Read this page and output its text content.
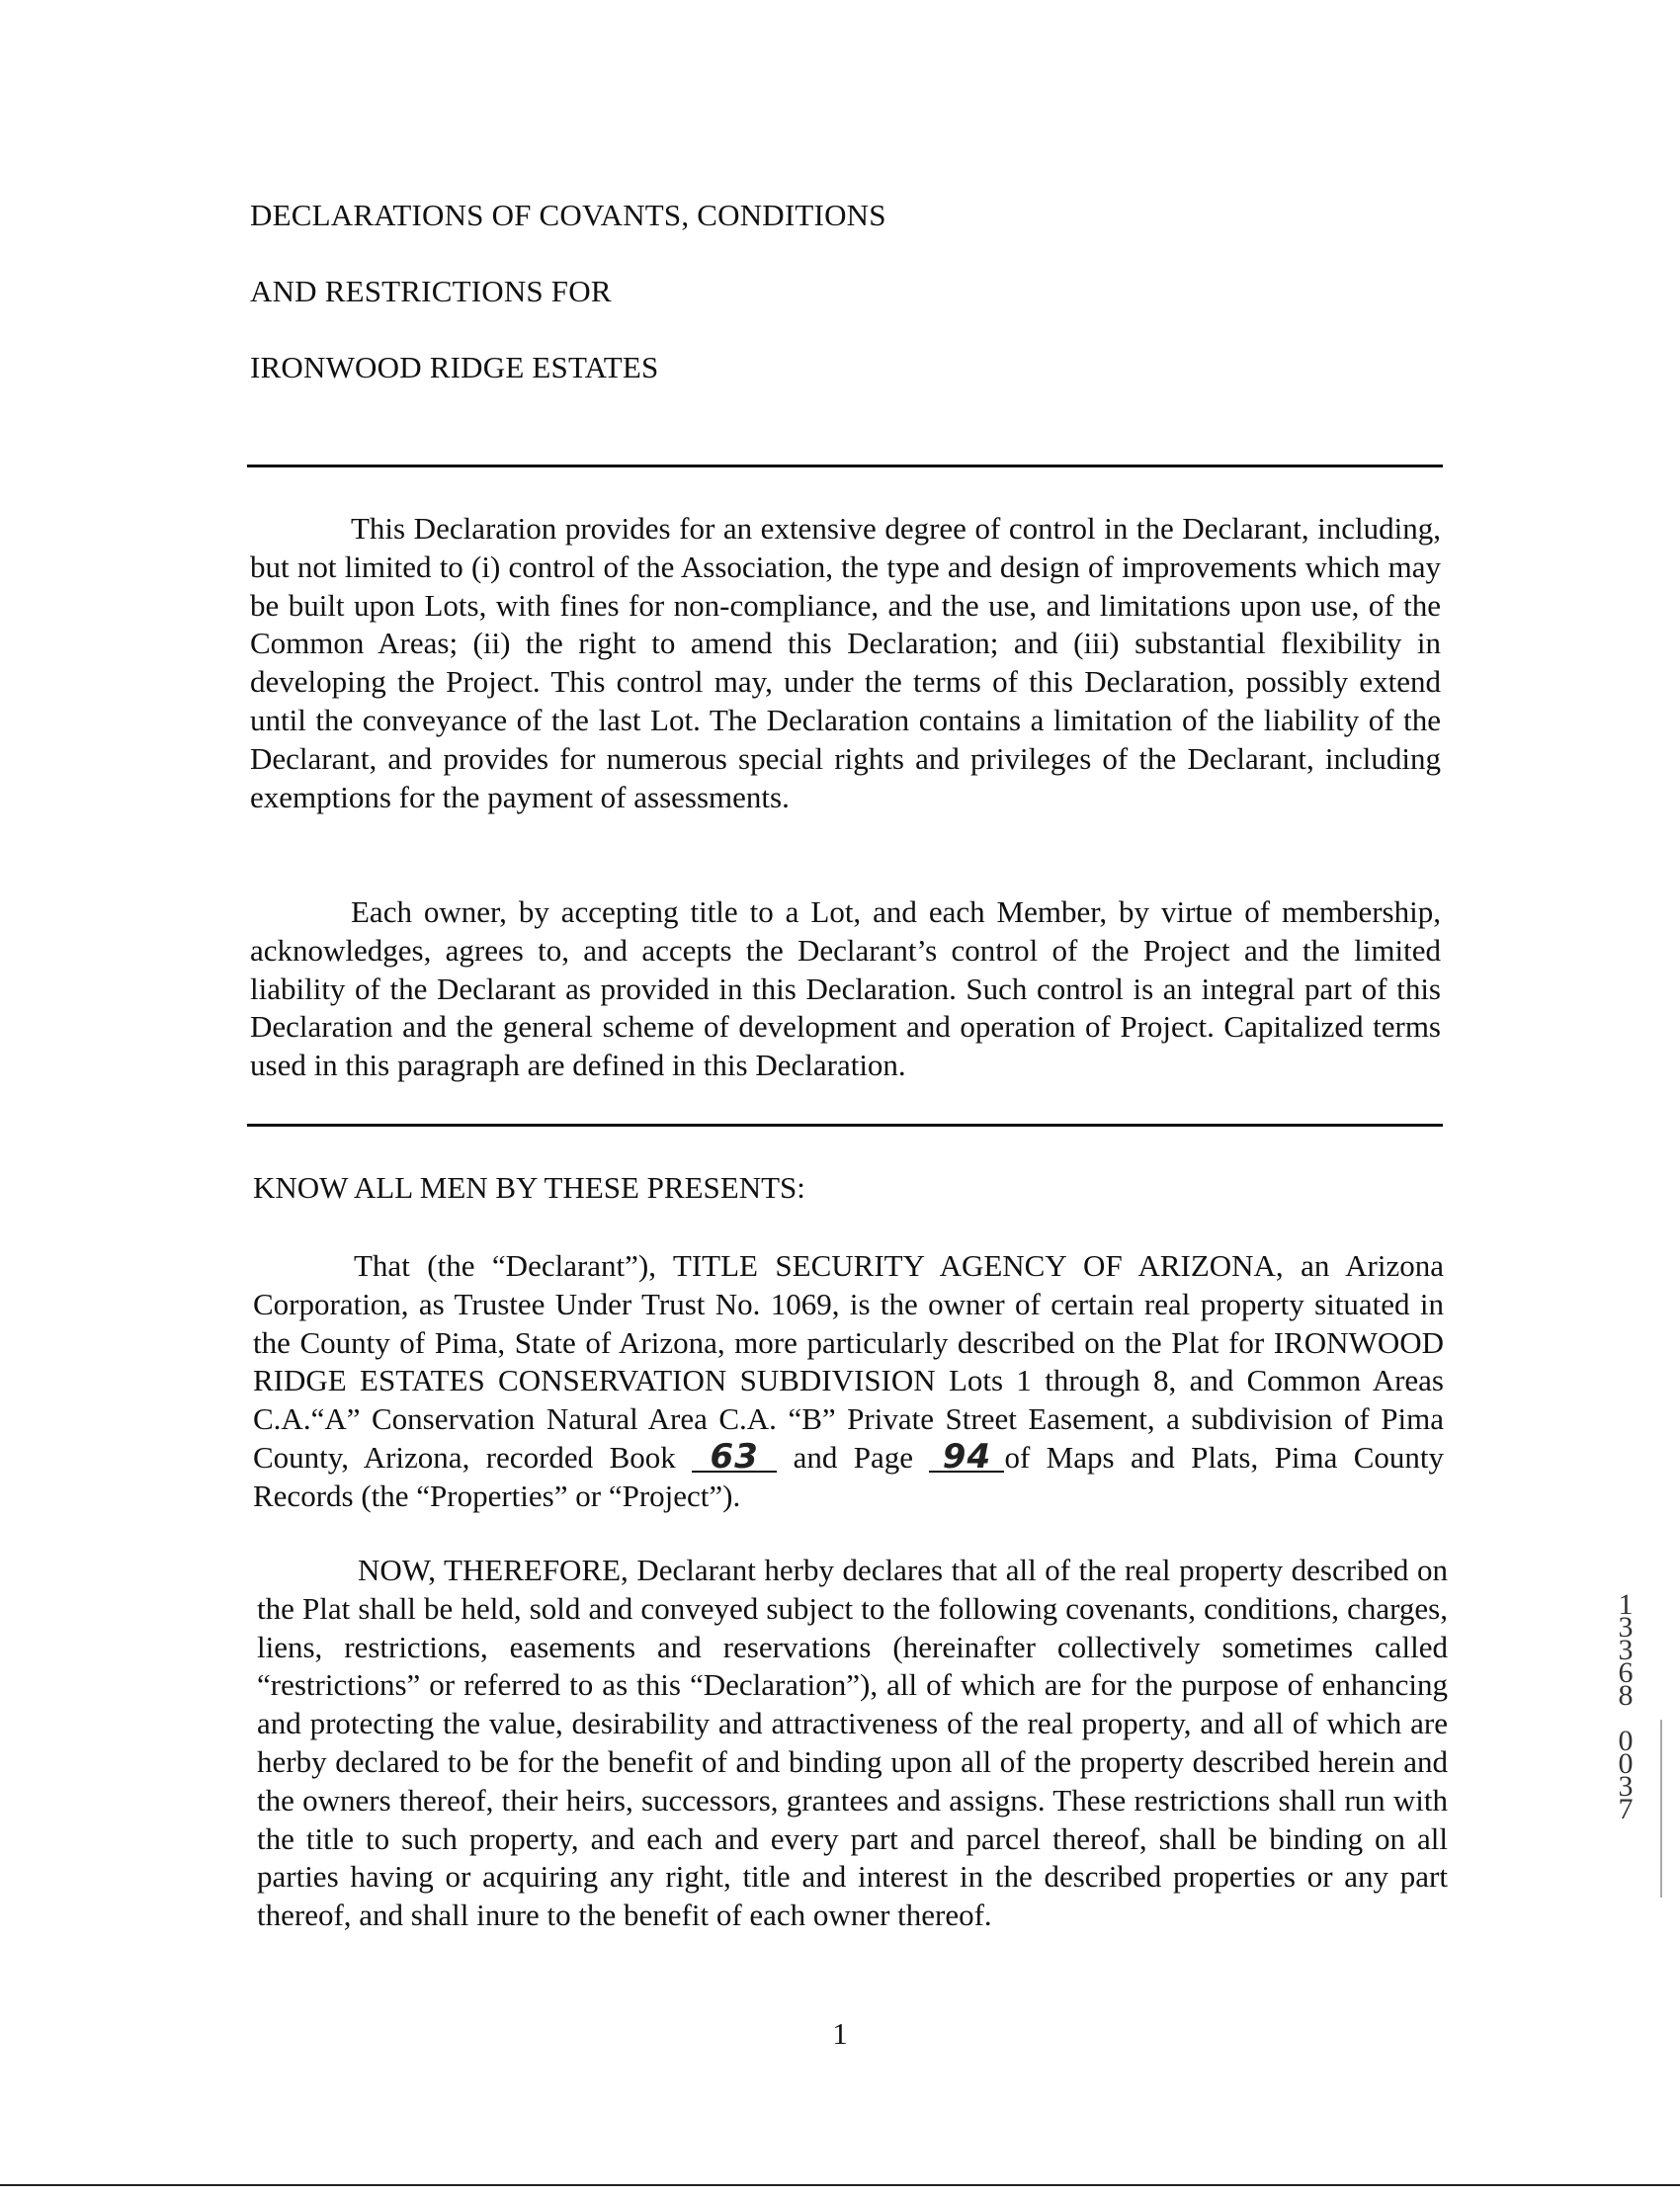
DECLARATIONS OF COVANTS, CONDITIONS
AND RESTRICTIONS FOR
IRONWOOD RIDGE ESTATES

This Declaration provides for an extensive degree of control in the Declarant, including, but not limited to (i) control of the Association, the type and design of improvements which may be built upon Lots, with fines for non-compliance, and the use, and limitations upon use, of the Common Areas; (ii) the right to amend this Declaration; and (iii) substantial flexibility in developing the Project. This control may, under the terms of this Declaration, possibly extend until the conveyance of the last Lot. The Declaration contains a limitation of the liability of the Declarant, and provides for numerous special rights and privileges of the Declarant, including exemptions for the payment of assessments.

Each owner, by accepting title to a Lot, and each Member, by virtue of membership, acknowledges, agrees to, and accepts the Declarant’s control of the Project and the limited liability of the Declarant as provided in this Declaration. Such control is an integral part of this Declaration and the general scheme of development and operation of Project. Capitalized terms used in this paragraph are defined in this Declaration.

KNOW ALL MEN BY THESE PRESENTS:

That (the “Declarant”), TITLE SECURITY AGENCY OF ARIZONA, an Arizona Corporation, as Trustee Under Trust No. 1069, is the owner of certain real property situated in the County of Pima, State of Arizona, more particularly described on the Plat for IRONWOOD RIDGE ESTATES CONSERVATION SUBDIVISION Lots 1 through 8, and Common Areas C.A.“A” Conservation Natural Area C.A. “B” Private Street Easement, a subdivision of Pima County, Arizona, recorded Book 63 and Page 94 of Maps and Plats, Pima County Records (the “Properties” or “Project”).

NOW, THEREFORE, Declarant herby declares that all of the real property described on the Plat shall be held, sold and conveyed subject to the following covenants, conditions, charges, liens, restrictions, easements and reservations (hereinafter collectively sometimes called “restrictions” or referred to as this “Declaration”), all of which are for the purpose of enhancing and protecting the value, desirability and attractiveness of the real property, and all of which are herby declared to be for the benefit of and binding upon all of the property described herein and the owners thereof, their heirs, successors, grantees and assigns. These restrictions shall run with the title to such property, and each and every part and parcel thereof, shall be binding on all parties having or acquiring any right, title and interest in the described properties or any part thereof, and shall inure to the benefit of each owner thereof.

1
3
3
6
8

0
0
3
7
1
